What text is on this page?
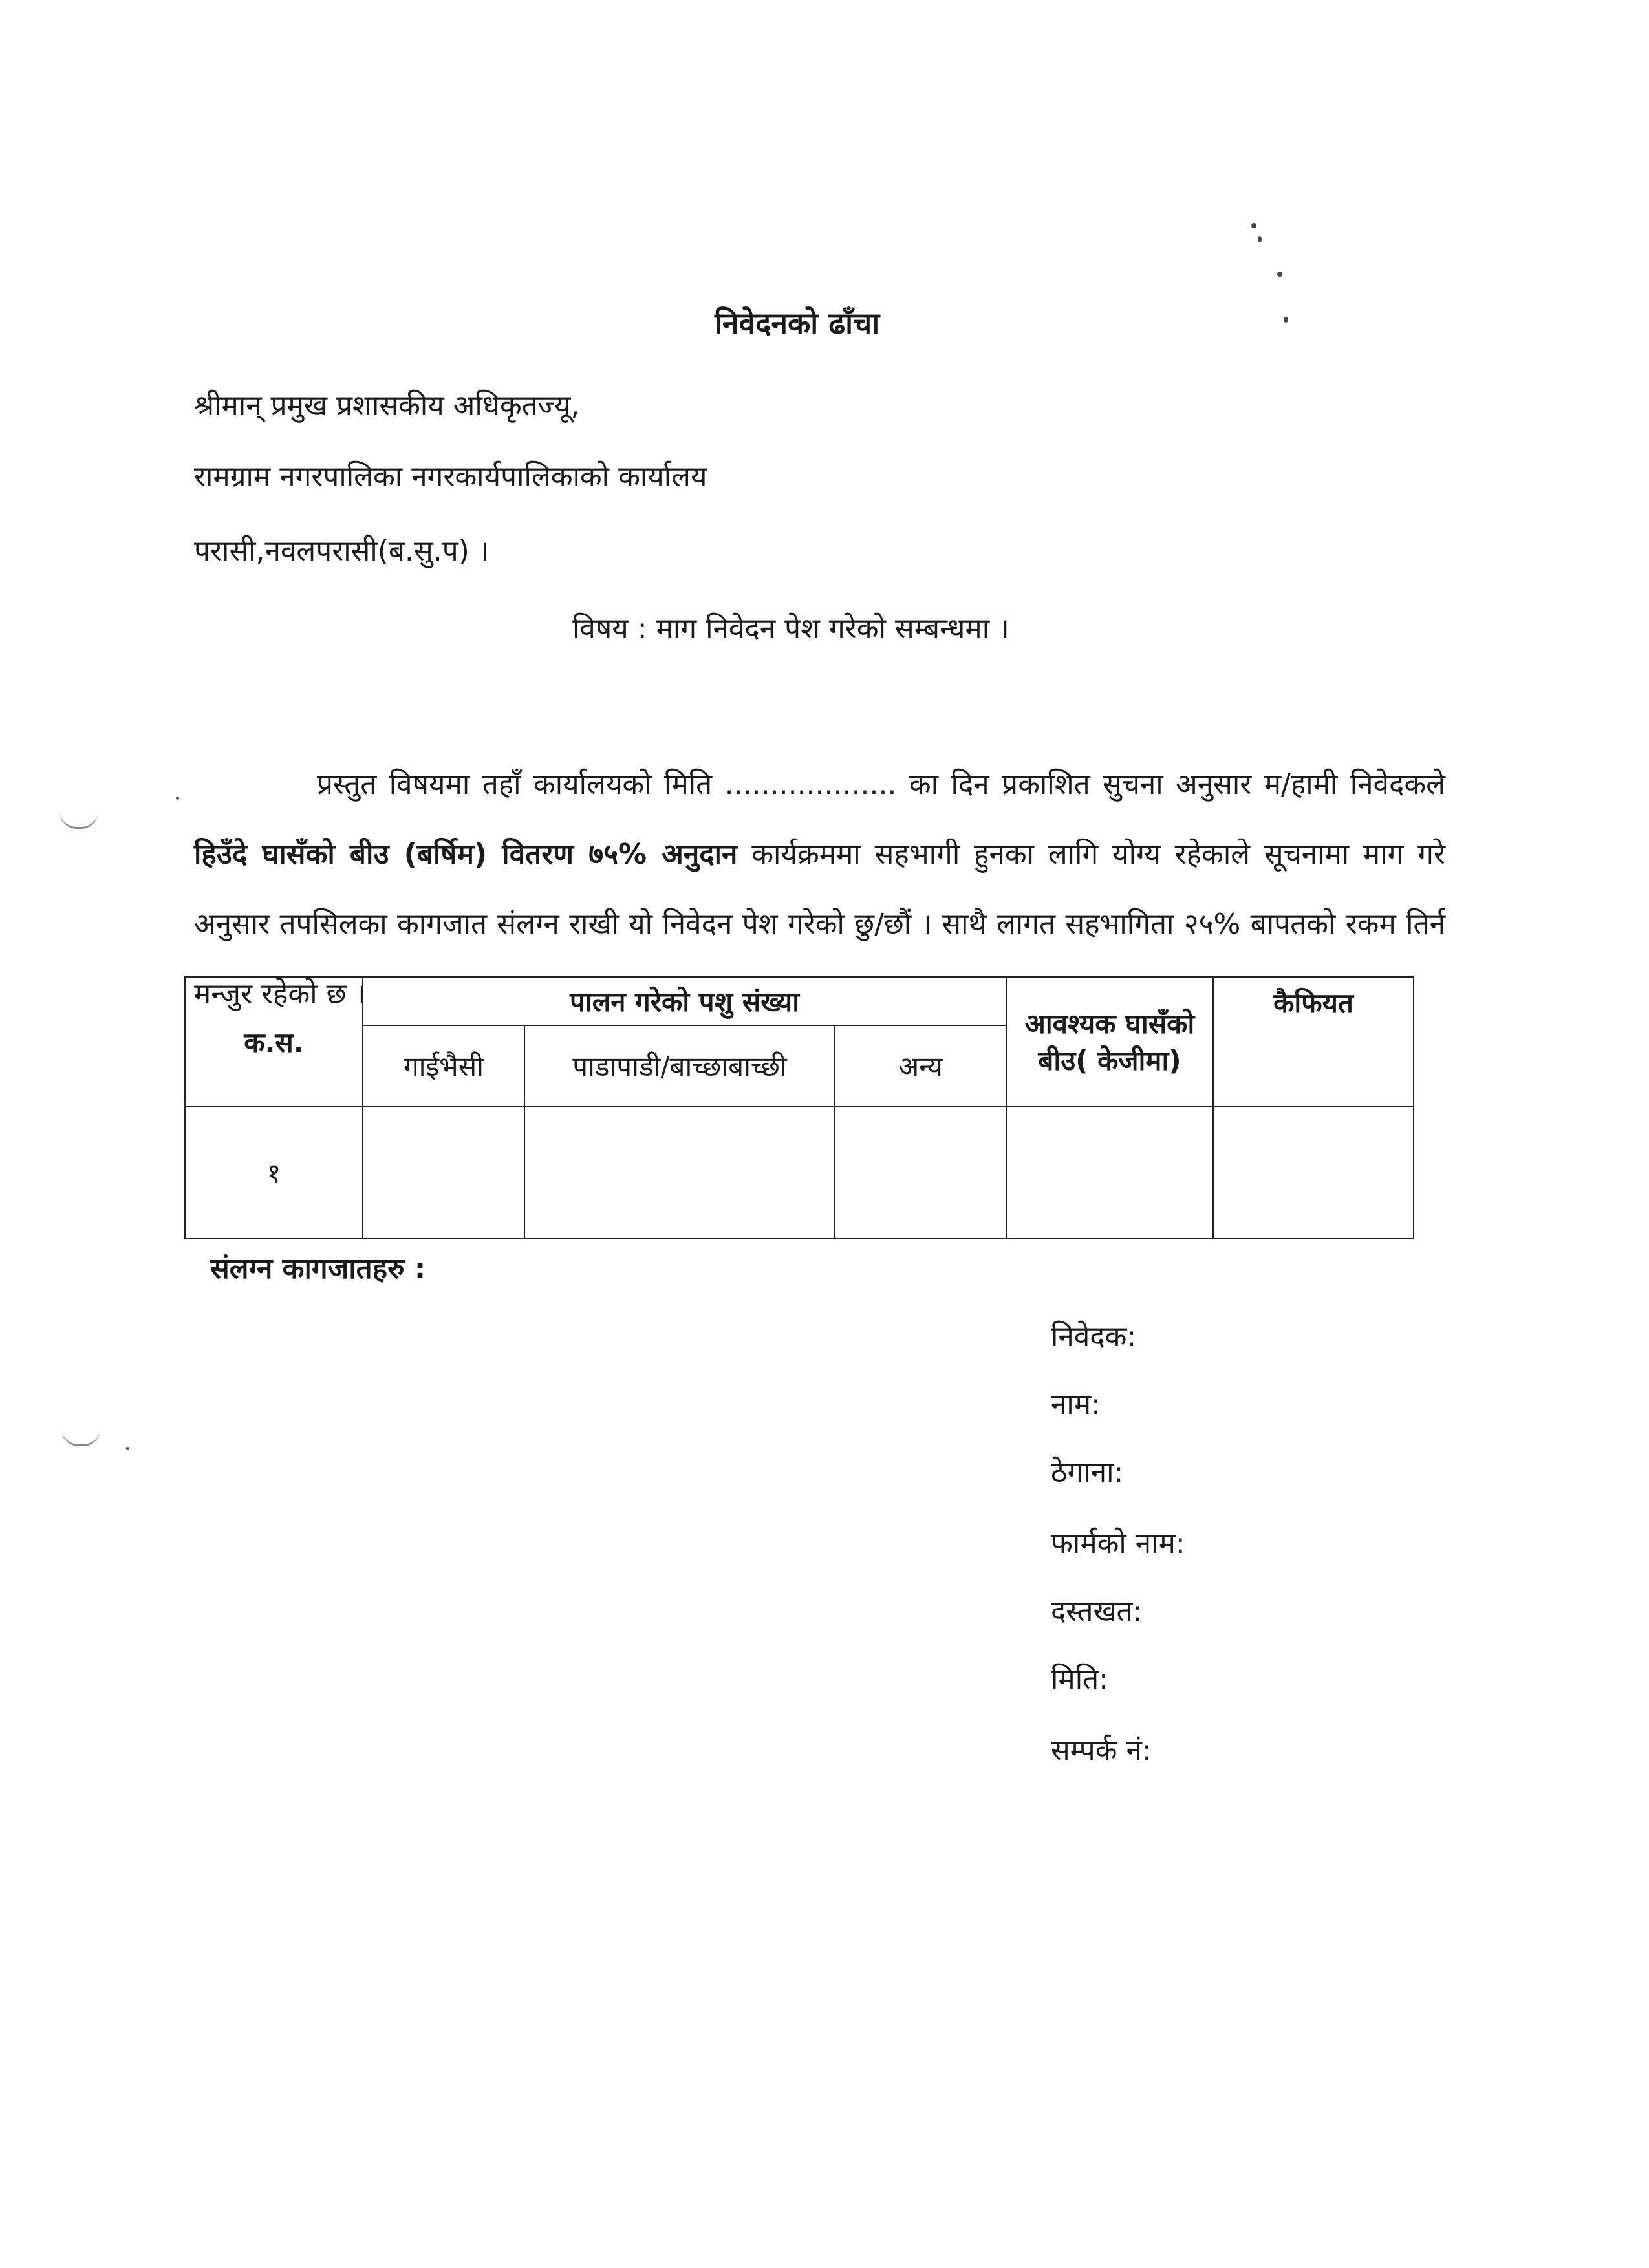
निवेदनको ढाँचा
श्रीमान् प्रमुख प्रशासकीय अधिकृतज्यू,
रामग्राम नगरपालिका नगरकार्यपालिकाको कार्यालय
परासी,नवलपरासी(ब.सु.प) ।
विषय : माग निवेदन पेश गरेको सम्बन्धमा ।
प्रस्तुत विषयमा तहाँ कार्यालयको मिति ................... का दिन प्रकाशित सुचना अनुसार म/हामी निवेदकले हिउँदे घासँको बीउ (बर्षिम) वितरण ७५% अनुदान कार्यक्रममा सहभागी हुनका लागि योग्य रहेकाले सूचनामा माग गरे अनुसार तपसिलका कागजात संलग्न राखी यो निवेदन पेश गरेको छु/छौं । साथै लागत सहभागिता २५% बापतको रकम तिर्न मन्जुर रहेको छ ।
क.स.	पालन गरेको पशु संख्या			आवश्यक घासँको बीउ( केजीमा)	कैफियत
	गाईभैसी	पाडापाडी/बाच्छाबाच्छी	अन्य		
१					
संलग्न कागजातहरु :
निवेदक:
नाम:
ठेगाना:
फार्मको नाम:
दस्तखत:
मिति:
सम्पर्क नं:
